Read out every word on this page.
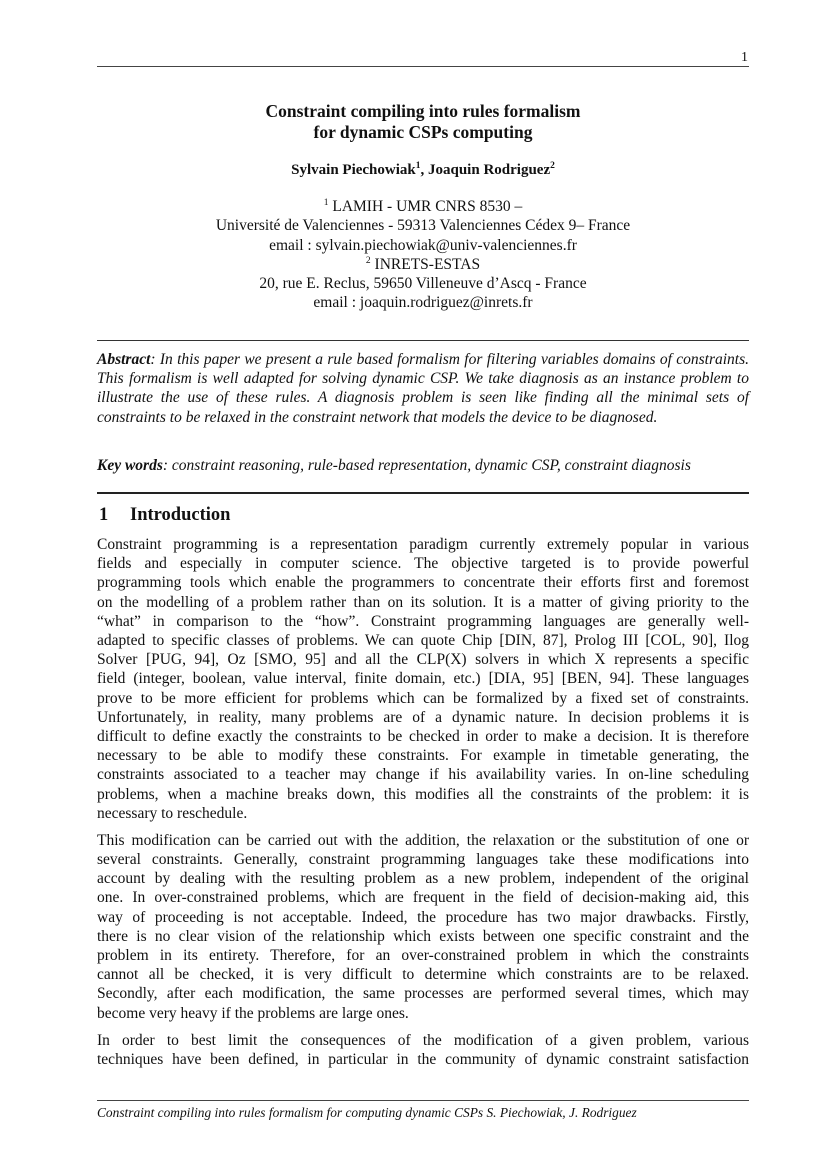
1
Constraint compiling into rules formalism
for dynamic CSPs computing
Sylvain Piechowiak$^1$, Joaquin Rodriguez$^2$
$^1$ LAMIH - UMR CNRS 8530 –
Université de Valenciennes - 59313 Valenciennes Cédex 9– France
email : sylvain.piechowiak@univ-valenciennes.fr
$^2$ INRETS-ESTAS
20, rue E. Reclus, 59650 Villeneuve d’Ascq - France
email : joaquin.rodriguez@inrets.fr
Abstract: In this paper we present a rule based formalism for filtering variables domains of constraints. This formalism is well adapted for solving dynamic CSP. We take diagnosis as an instance problem to illustrate the use of these rules. A diagnosis problem is seen like finding all the minimal sets of constraints to be relaxed in the constraint network that models the device to be diagnosed.
Key words: constraint reasoning, rule-based representation, dynamic CSP, constraint diagnosis
1 Introduction
Constraint programming is a representation paradigm currently extremely popular in various
fields and especially in computer science. The objective targeted is to provide powerful
programming tools which enable the programmers to concentrate their efforts first and foremost
on the modelling of a problem rather than on its solution. It is a matter of giving priority to the
“what” in comparison to the “how”. Constraint programming languages are generally well-
adapted to specific classes of problems. We can quote Chip [DIN, 87], Prolog III [COL, 90], Ilog
Solver [PUG, 94], Oz [SMO, 95] and all the CLP(X) solvers in which X represents a specific
field (integer, boolean, value interval, finite domain, etc.) [DIA, 95] [BEN, 94]. These languages
prove to be more efficient for problems which can be formalized by a fixed set of constraints.
Unfortunately, in reality, many problems are of a dynamic nature. In decision problems it is
difficult to define exactly the constraints to be checked in order to make a decision. It is therefore
necessary to be able to modify these constraints. For example in timetable generating, the
constraints associated to a teacher may change if his availability varies. In on-line scheduling
problems, when a machine breaks down, this modifies all the constraints of the problem: it is
necessary to reschedule.
This modification can be carried out with the addition, the relaxation or the substitution of one or
several constraints. Generally, constraint programming languages take these modifications into
account by dealing with the resulting problem as a new problem, independent of the original
one. In over-constrained problems, which are frequent in the field of decision-making aid, this
way of proceeding is not acceptable. Indeed, the procedure has two major drawbacks. Firstly,
there is no clear vision of the relationship which exists between one specific constraint and the
problem in its entirety. Therefore, for an over-constrained problem in which the constraints
cannot all be checked, it is very difficult to determine which constraints are to be relaxed.
Secondly, after each modification, the same processes are performed several times, which may
become very heavy if the problems are large ones.
In order to best limit the consequences of the modification of a given problem, various
techniques have been defined, in particular in the community of dynamic constraint satisfaction
Constraint compiling into rules formalism for computing dynamic CSPs S. Piechowiak, J. Rodriguez
